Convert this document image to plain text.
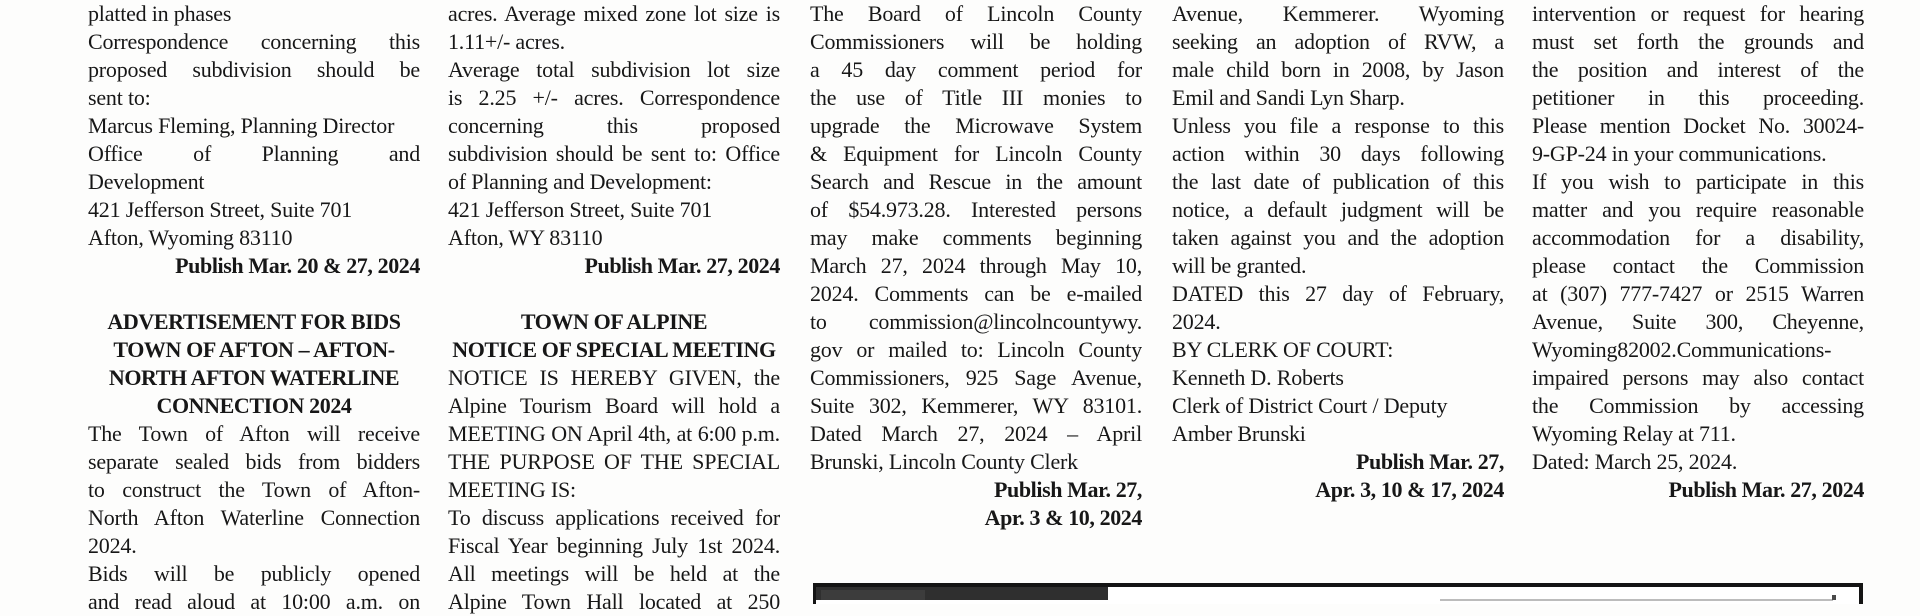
platted in phases
Correspondence concerning this
proposed subdivision should be
sent to:
Marcus Fleming, Planning Director
Office of Planning and
Development
421 Jefferson Street, Suite 701
Afton, Wyoming 83110
Publish Mar. 20 & 27, 2024

ADVERTISEMENT FOR BIDS
TOWN OF AFTON – AFTON-
NORTH AFTON WATERLINE
CONNECTION 2024
The Town of Afton will receive
separate sealed bids from bidders
to construct the Town of Afton-
North Afton Waterline Connection
2024.
Bids will be publicly opened
and read aloud at 10:00 a.m. on
acres. Average mixed zone lot size is
1.11+/- acres.
Average total subdivision lot size
is 2.25 +/- acres. Correspondence
concerning this proposed
subdivision should be sent to: Office
of Planning and Development:
421 Jefferson Street, Suite 701
Afton, WY 83110
Publish Mar. 27, 2024

TOWN OF ALPINE
NOTICE OF SPECIAL MEETING
NOTICE IS HEREBY GIVEN, the
Alpine Tourism Board will hold a
MEETING ON April 4th, at 6:00 p.m.
THE PURPOSE OF THE SPECIAL
MEETING IS:
To discuss applications received for
Fiscal Year beginning July 1st 2024.
All meetings will be held at the
Alpine Town Hall located at 250
The Board of Lincoln County
Commissioners will be holding
a 45 day comment period for
the use of Title III monies to
upgrade the Microwave System
& Equipment for Lincoln County
Search and Rescue in the amount
of $54.973.28. Interested persons
may make comments beginning
March 27, 2024 through May 10,
2024. Comments can be e-mailed
to commission@lincolncountywy.
gov or mailed to: Lincoln County
Commissioners, 925 Sage Avenue,
Suite 302, Kemmerer, WY 83101.
Dated March 27, 2024 – April
Brunski, Lincoln County Clerk
Publish Mar. 27,
Apr. 3 & 10, 2024
Avenue, Kemmerer. Wyoming
seeking an adoption of RVW, a
male child born in 2008, by Jason
Emil and Sandi Lyn Sharp.
Unless you file a response to this
action within 30 days following
the last date of publication of this
notice, a default judgment will be
taken against you and the adoption
will be granted.
DATED this 27 day of February,
2024.
BY CLERK OF COURT:
Kenneth D. Roberts
Clerk of District Court / Deputy
Amber Brunski
Publish Mar. 27,
Apr. 3, 10 & 17, 2024
intervention or request for hearing
must set forth the grounds and
the position and interest of the
petitioner in this proceeding.
Please mention Docket No. 30024-
9-GP-24 in your communications.
If you wish to participate in this
matter and you require reasonable
accommodation for a disability,
please contact the Commission
at (307) 777-7427 or 2515 Warren
Avenue, Suite 300, Cheyenne,
Wyoming82002.Communications-
impaired persons may also contact
the Commission by accessing
Wyoming Relay at 711.
Dated: March 25, 2024.
Publish Mar. 27, 2024
